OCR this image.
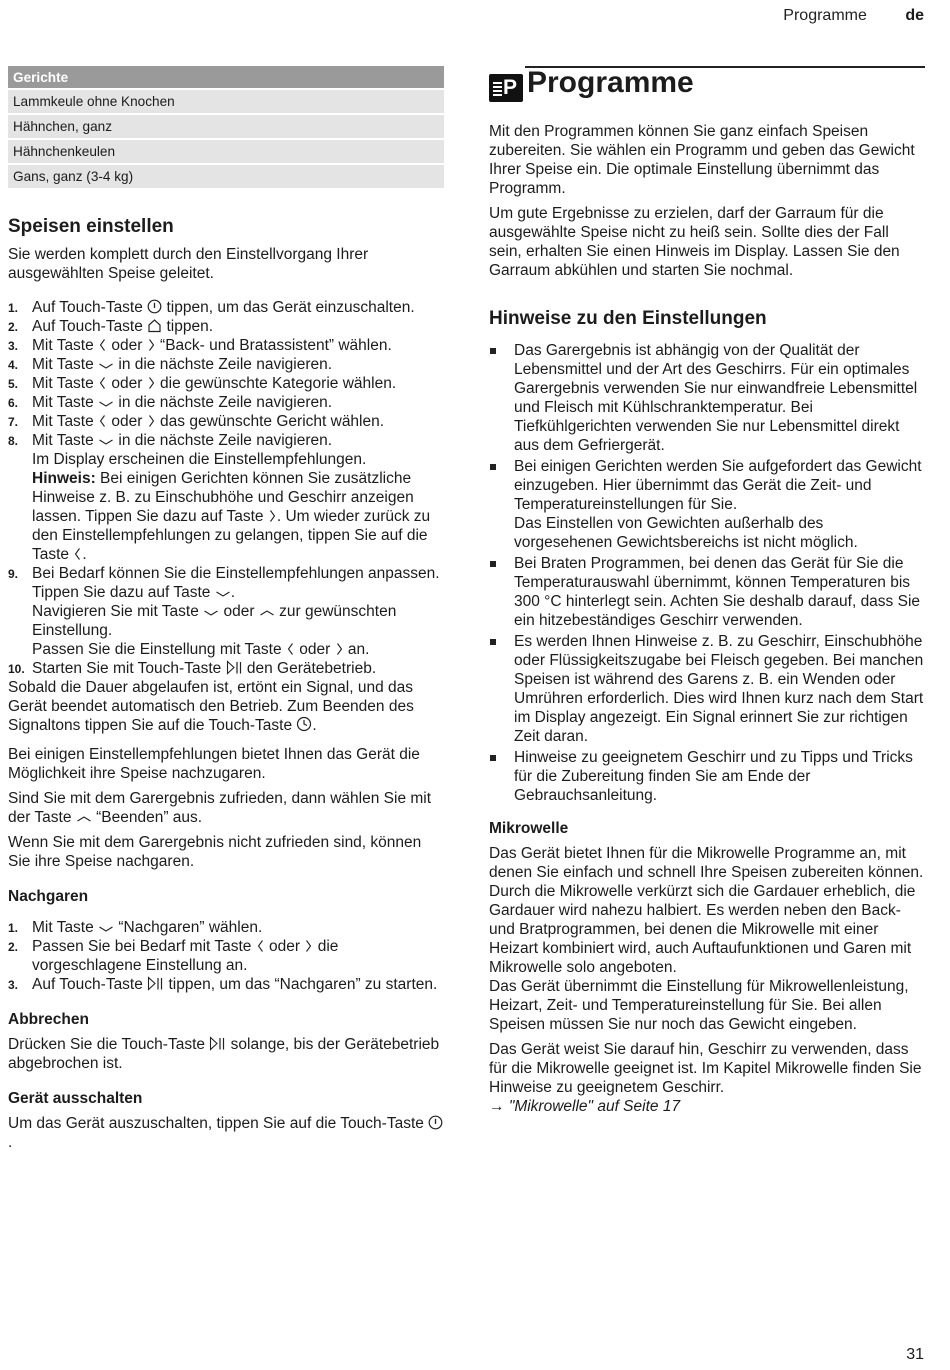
Programme de
Gerichte
Lammkeule ohne Knochen
Hähnchen, ganz
Hähnchenkeulen
Gans, ganz (3-4 kg)
Speisen einstellen

Sie werden komplett durch den Einstellvorgang Ihrer ausgewählten Speise geleitet.

1. Auf Touch-Taste tippen, um das Gerät einzuschalten.
2. Auf Touch-Taste tippen.
3. Mit Taste oder “Back- und Bratassistent” wählen.
4. Mit Taste in die nächste Zeile navigieren.
5. Mit Taste oder die gewünschte Kategorie wählen.
6. Mit Taste in die nächste Zeile navigieren.
7. Mit Taste oder das gewünschte Gericht wählen.
8. Mit Taste in die nächste Zeile navigieren.
Im Display erscheinen die Einstellempfehlungen.
Hinweis: Bei einigen Gerichten können Sie zusätzliche Hinweise z. B. zu Einschubhöhe und Geschirr anzeigen lassen. Tippen Sie dazu auf Taste . Um wieder zurück zu den Einstellempfehlungen zu gelangen, tippen Sie auf die Taste .
9. Bei Bedarf können Sie die Einstellempfehlungen anpassen. Tippen Sie dazu auf Taste .
Navigieren Sie mit Taste oder zur gewünschten Einstellung.
Passen Sie die Einstellung mit Taste oder an.
10. Starten Sie mit Touch-Taste den Gerätebetrieb.

Sobald die Dauer abgelaufen ist, ertönt ein Signal, und das Gerät beendet automatisch den Betrieb. Zum Beenden des Signaltons tippen Sie auf die Touch-Taste .

Bei einigen Einstellempfehlungen bietet Ihnen das Gerät die Möglichkeit ihre Speise nachzugaren.

Sind Sie mit dem Garergebnis zufrieden, dann wählen Sie mit der Taste “Beenden” aus.

Wenn Sie mit dem Garergebnis nicht zufrieden sind, können Sie ihre Speise nachgaren.

Nachgaren
1. Mit Taste “Nachgaren” wählen.
2. Passen Sie bei Bedarf mit Taste oder die vorgeschlagene Einstellung an.
3. Auf Touch-Taste tippen, um das “Nachgaren” zu starten.
Abbrechen

Drücken Sie die Touch-Taste solange, bis der Gerätebetrieb abgebrochen ist.

Gerät ausschalten

Um das Gerät auszuschalten, tippen Sie auf die Touch-Taste
.

P Programme

Mit den Programmen können Sie ganz einfach Speisen zubereiten. Sie wählen ein Programm und geben das Gewicht Ihrer Speise ein. Die optimale Einstellung übernimmt das Programm.

Um gute Ergebnisse zu erzielen, darf der Garraum für die ausgewählte Speise nicht zu heiß sein. Sollte dies der Fall sein, erhalten Sie einen Hinweis im Display. Lassen Sie den Garraum abkühlen und starten Sie nochmal.

Hinweise zu den Einstellungen
Das Garergebnis ist abhängig von der Qualität der Lebensmittel und der Art des Geschirrs. Für ein optimales Garergebnis verwenden Sie nur einwandfreie Lebensmittel und Fleisch mit Kühlschranktemperatur. Bei Tiefkühlgerichten verwenden Sie nur Lebensmittel direkt aus dem Gefriergerät.
Bei einigen Gerichten werden Sie aufgefordert das Gewicht einzugeben. Hier übernimmt das Gerät die Zeit- und Temperatureinstellungen für Sie.
Das Einstellen von Gewichten außerhalb des vorgesehenen Gewichtsbereichs ist nicht möglich.
Bei Braten Programmen, bei denen das Gerät für Sie die Temperaturauswahl übernimmt, können Temperaturen bis 300 °C hinterlegt sein. Achten Sie deshalb darauf, dass Sie ein hitzebeständiges Geschirr verwenden.
Es werden Ihnen Hinweise z. B. zu Geschirr, Einschubhöhe oder Flüssigkeitszugabe bei Fleisch gegeben. Bei manchen Speisen ist während des Garens z. B. ein Wenden oder Umrühren erforderlich. Dies wird Ihnen kurz nach dem Start im Display angezeigt. Ein Signal erinnert Sie zur richtigen Zeit daran.
Hinweise zu geeignetem Geschirr und zu Tipps und Tricks für die Zubereitung finden Sie am Ende der Gebrauchsanleitung.
Mikrowelle

Das Gerät bietet Ihnen für die Mikrowelle Programme an, mit denen Sie einfach und schnell Ihre Speisen zubereiten können. Durch die Mikrowelle verkürzt sich die Gardauer erheblich, die Gardauer wird nahezu halbiert. Es werden neben den Back- und Bratprogrammen, bei denen die Mikrowelle mit einer Heizart kombiniert wird, auch Auftaufunktionen und Garen mit Mikrowelle solo angeboten.

Das Gerät übernimmt die Einstellung für Mikrowellenleistung, Heizart, Zeit- und Temperatureinstellung für Sie. Bei allen Speisen müssen Sie nur noch das Gewicht eingeben.

Das Gerät weist Sie darauf hin, Geschirr zu verwenden, dass für die Mikrowelle geeignet ist. Im Kapitel Mikrowelle finden Sie Hinweise zu geeignetem Geschirr.

→ "Mikrowelle" auf Seite 17

31
